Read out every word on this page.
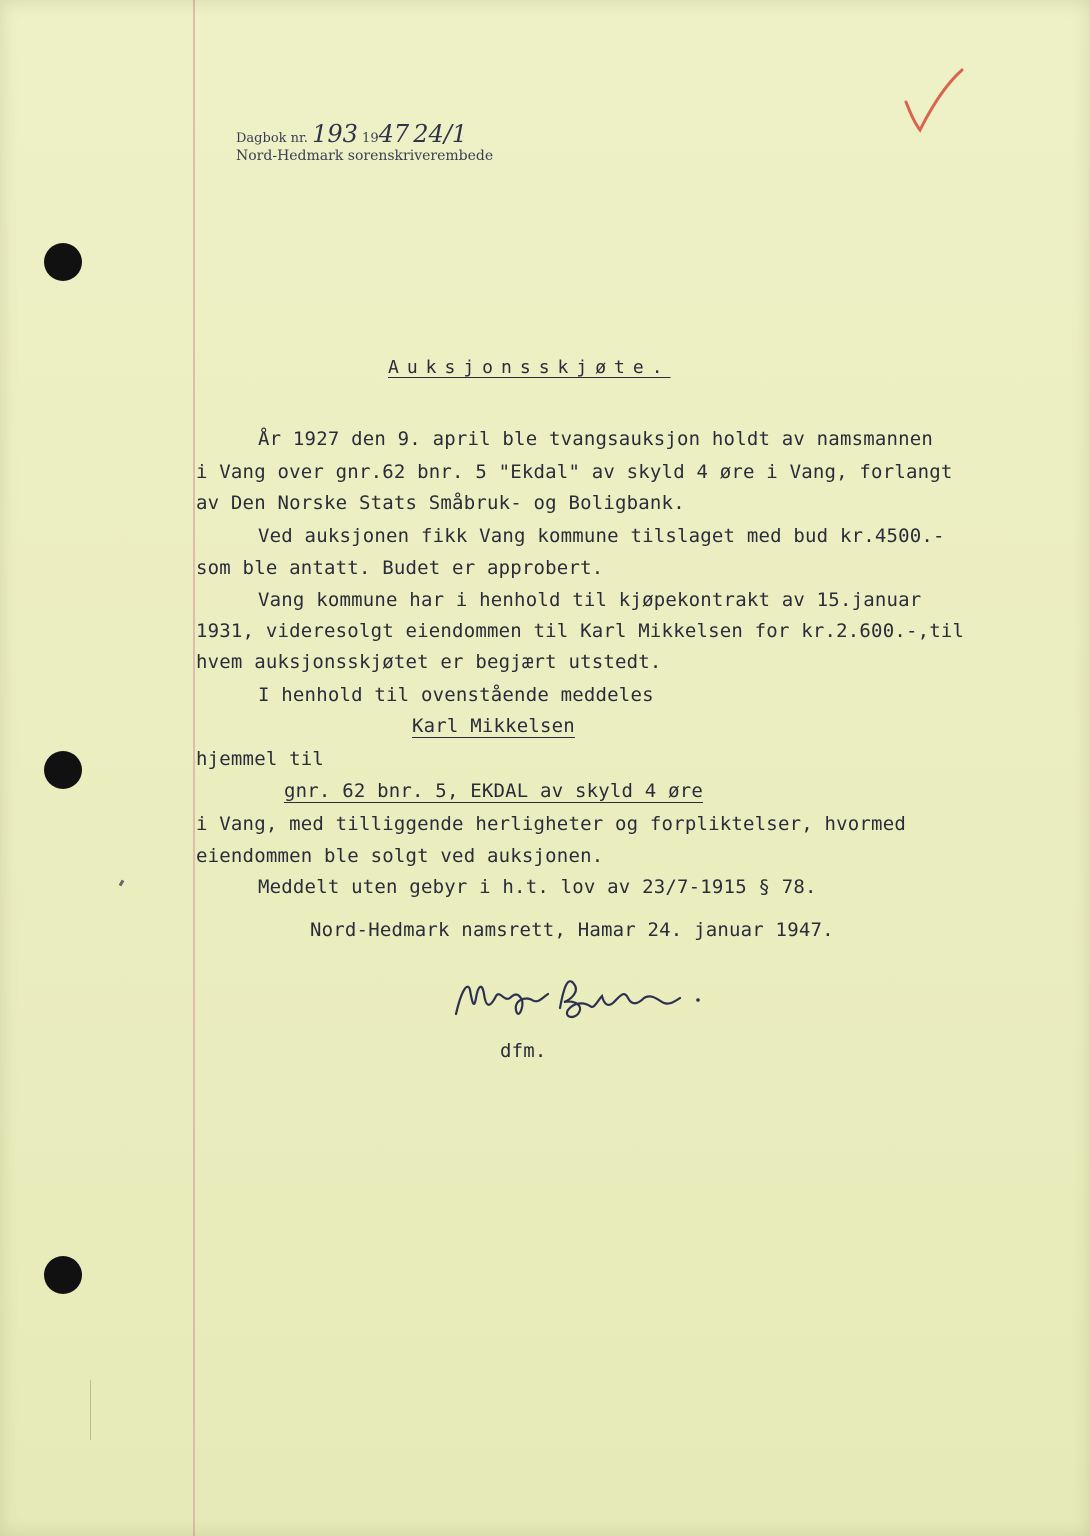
Dagbok nr. 193 1947 24/1
Nord-Hedmark sorenskriverembede
Auksjonsskjøte.
År 1927 den 9. april ble tvangsauksjon holdt av namsmannen
i Vang over gnr.62 bnr. 5 "Ekdal" av skyld 4 øre i Vang, forlangt
av Den Norske Stats Småbruk- og Boligbank.
Ved auksjonen fikk Vang kommune tilslaget med bud kr.4500.-
som ble antatt. Budet er approbert.
Vang kommune har i henhold til kjøpekontrakt av 15.januar
1931, videresolgt eiendommen til Karl Mikkelsen for kr.2.600.-,til
hvem auksjonsskjøtet er begjært utstedt.
I henhold til ovenstående meddeles
Karl Mikkelsen
hjemmel til
gnr. 62 bnr. 5, EKDAL av skyld 4 øre
i Vang, med tilliggende herligheter og forpliktelser, hvormed
eiendommen ble solgt ved auksjonen.
Meddelt uten gebyr i h.t. lov av 23/7-1915 § 78.
Nord-Hedmark namsrett, Hamar 24. januar 1947.
dfm.
